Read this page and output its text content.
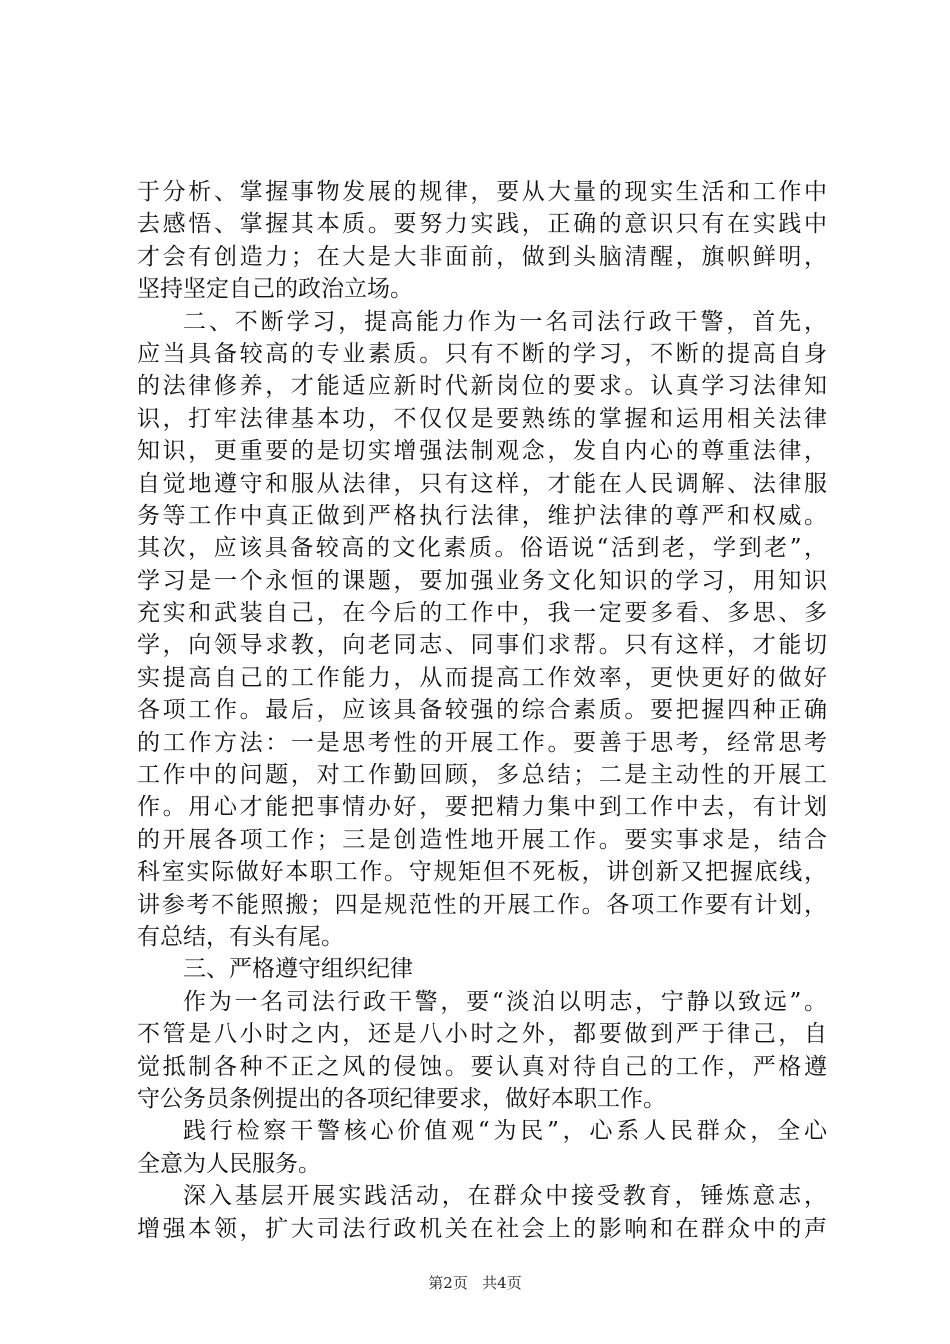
于分析、掌握事物发展的规律，要从大量的现实生活和工作中
去感悟、掌握其本质。要努力实践，正确的意识只有在实践中
才会有创造力；在大是大非面前，做到头脑清醒，旗帜鲜明，
坚持坚定自己的政治立场。
二、不断学习，提高能力作为一名司法行政干警，首先，
应当具备较高的专业素质。只有不断的学习，不断的提高自身
的法律修养，才能适应新时代新岗位的要求。认真学习法律知
识，打牢法律基本功，不仅仅是要熟练的掌握和运用相关法律
知识，更重要的是切实增强法制观念，发自内心的尊重法律，
自觉地遵守和服从法律，只有这样，才能在人民调解、法律服
务等工作中真正做到严格执行法律，维护法律的尊严和权威。
其次，应该具备较高的文化素质。俗语说“活到老，学到老”，
学习是一个永恒的课题，要加强业务文化知识的学习，用知识
充实和武装自己，在今后的工作中，我一定要多看、多思、多
学，向领导求教，向老同志、同事们求帮。只有这样，才能切
实提高自己的工作能力，从而提高工作效率，更快更好的做好
各项工作。最后，应该具备较强的综合素质。要把握四种正确
的工作方法：一是思考性的开展工作。要善于思考，经常思考
工作中的问题，对工作勤回顾，多总结；二是主动性的开展工
作。用心才能把事情办好，要把精力集中到工作中去，有计划
的开展各项工作；三是创造性地开展工作。要实事求是，结合
科室实际做好本职工作。守规矩但不死板，讲创新又把握底线，
讲参考不能照搬；四是规范性的开展工作。各项工作要有计划，
有总结，有头有尾。
三、严格遵守组织纪律
作为一名司法行政干警，要“淡泊以明志，宁静以致远”。
不管是八小时之内，还是八小时之外，都要做到严于律己，自
觉抵制各种不正之风的侵蚀。要认真对待自己的工作，严格遵
守公务员条例提出的各项纪律要求，做好本职工作。
践行检察干警核心价值观“为民”，心系人民群众，全心
全意为人民服务。
深入基层开展实践活动，在群众中接受教育，锤炼意志，
增强本领，扩大司法行政机关在社会上的影响和在群众中的声
第2页 共4页
